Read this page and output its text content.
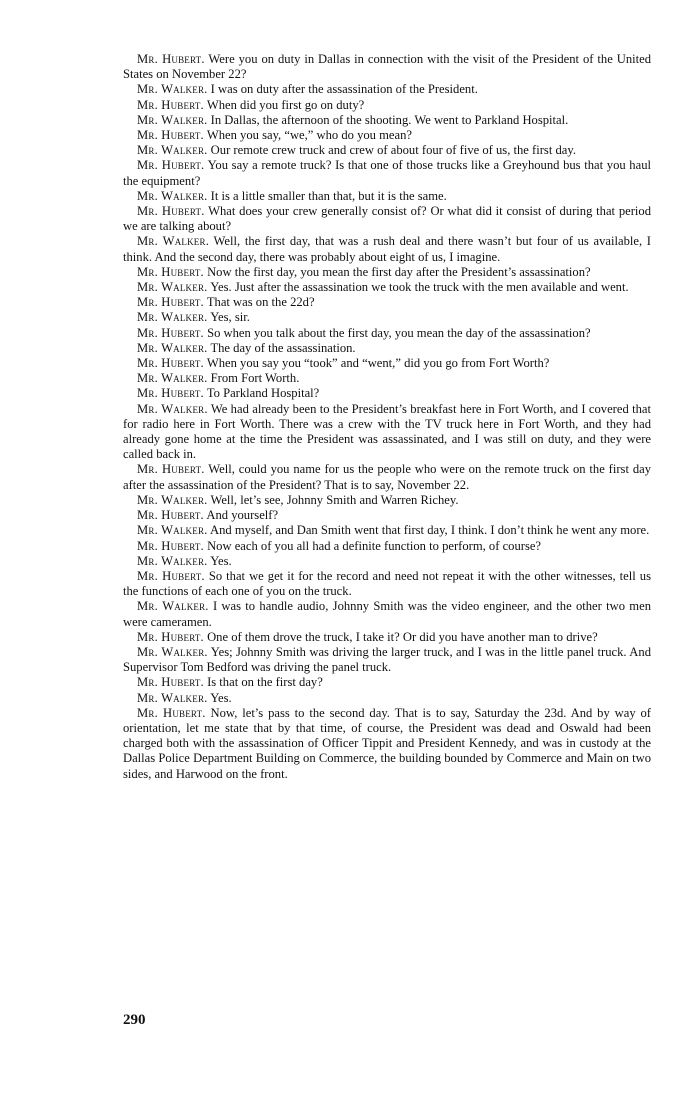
Mr. Hubert. Were you on duty in Dallas in connection with the visit of the President of the United States on November 22?

Mr. Walker. I was on duty after the assassination of the President.

Mr. Hubert. When did you first go on duty?

Mr. Walker. In Dallas, the afternoon of the shooting. We went to Parkland Hospital.

Mr. Hubert. When you say, “we,” who do you mean?

Mr. Walker. Our remote crew truck and crew of about four of five of us, the first day.

Mr. Hubert. You say a remote truck? Is that one of those trucks like a Greyhound bus that you haul the equipment?

Mr. Walker. It is a little smaller than that, but it is the same.

Mr. Hubert. What does your crew generally consist of? Or what did it consist of during that period we are talking about?

Mr. Walker. Well, the first day, that was a rush deal and there wasn’t but four of us available, I think. And the second day, there was probably about eight of us, I imagine.

Mr. Hubert. Now the first day, you mean the first day after the President’s assassination?

Mr. Walker. Yes. Just after the assassination we took the truck with the men available and went.

Mr. Hubert. That was on the 22d?

Mr. Walker. Yes, sir.

Mr. Hubert. So when you talk about the first day, you mean the day of the assassination?

Mr. Walker. The day of the assassination.

Mr. Hubert. When you say you “took” and “went,” did you go from Fort Worth?

Mr. Walker. From Fort Worth.

Mr. Hubert. To Parkland Hospital?

Mr. Walker. We had already been to the President’s breakfast here in Fort Worth, and I covered that for radio here in Fort Worth. There was a crew with the TV truck here in Fort Worth, and they had already gone home at the time the President was assassinated, and I was still on duty, and they were called back in.

Mr. Hubert. Well, could you name for us the people who were on the remote truck on the first day after the assassination of the President? That is to say, November 22.

Mr. Walker. Well, let’s see, Johnny Smith and Warren Richey.

Mr. Hubert. And yourself?

Mr. Walker. And myself, and Dan Smith went that first day, I think. I don’t think he went any more.

Mr. Hubert. Now each of you all had a definite function to perform, of course?

Mr. Walker. Yes.

Mr. Hubert. So that we get it for the record and need not repeat it with the other witnesses, tell us the functions of each one of you on the truck.

Mr. Walker. I was to handle audio, Johnny Smith was the video engineer, and the other two men were cameramen.

Mr. Hubert. One of them drove the truck, I take it? Or did you have another man to drive?

Mr. Walker. Yes; Johnny Smith was driving the larger truck, and I was in the little panel truck. And Supervisor Tom Bedford was driving the panel truck.

Mr. Hubert. Is that on the first day?

Mr. Walker. Yes.

Mr. Hubert. Now, let’s pass to the second day. That is to say, Saturday the 23d. And by way of orientation, let me state that by that time, of course, the President was dead and Oswald had been charged both with the assassination of Officer Tippit and President Kennedy, and was in custody at the Dallas Police Department Building on Commerce, the building bounded by Commerce and Main on two sides, and Harwood on the front.

290
